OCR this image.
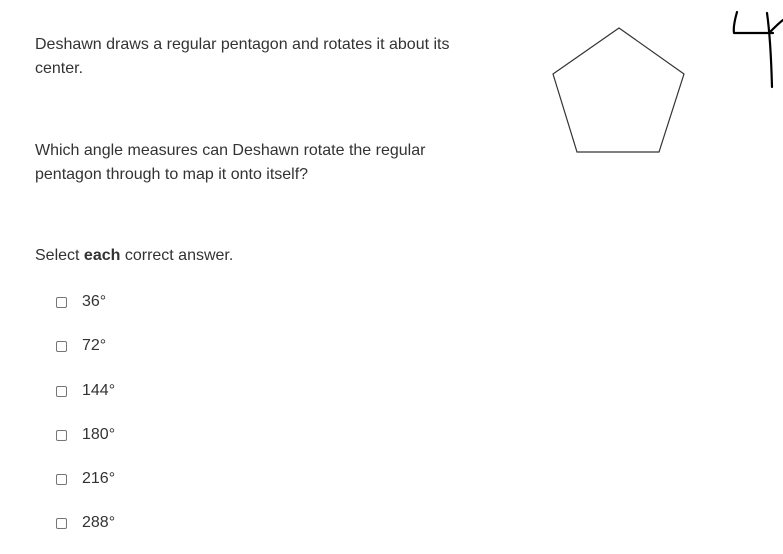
Deshawn draws a regular pentagon and rotates it about its center.

Which angle measures can Deshawn rotate the regular pentagon through to map it onto itself?

Select each correct answer.

36°
72°
144°
180°
216°
288°
